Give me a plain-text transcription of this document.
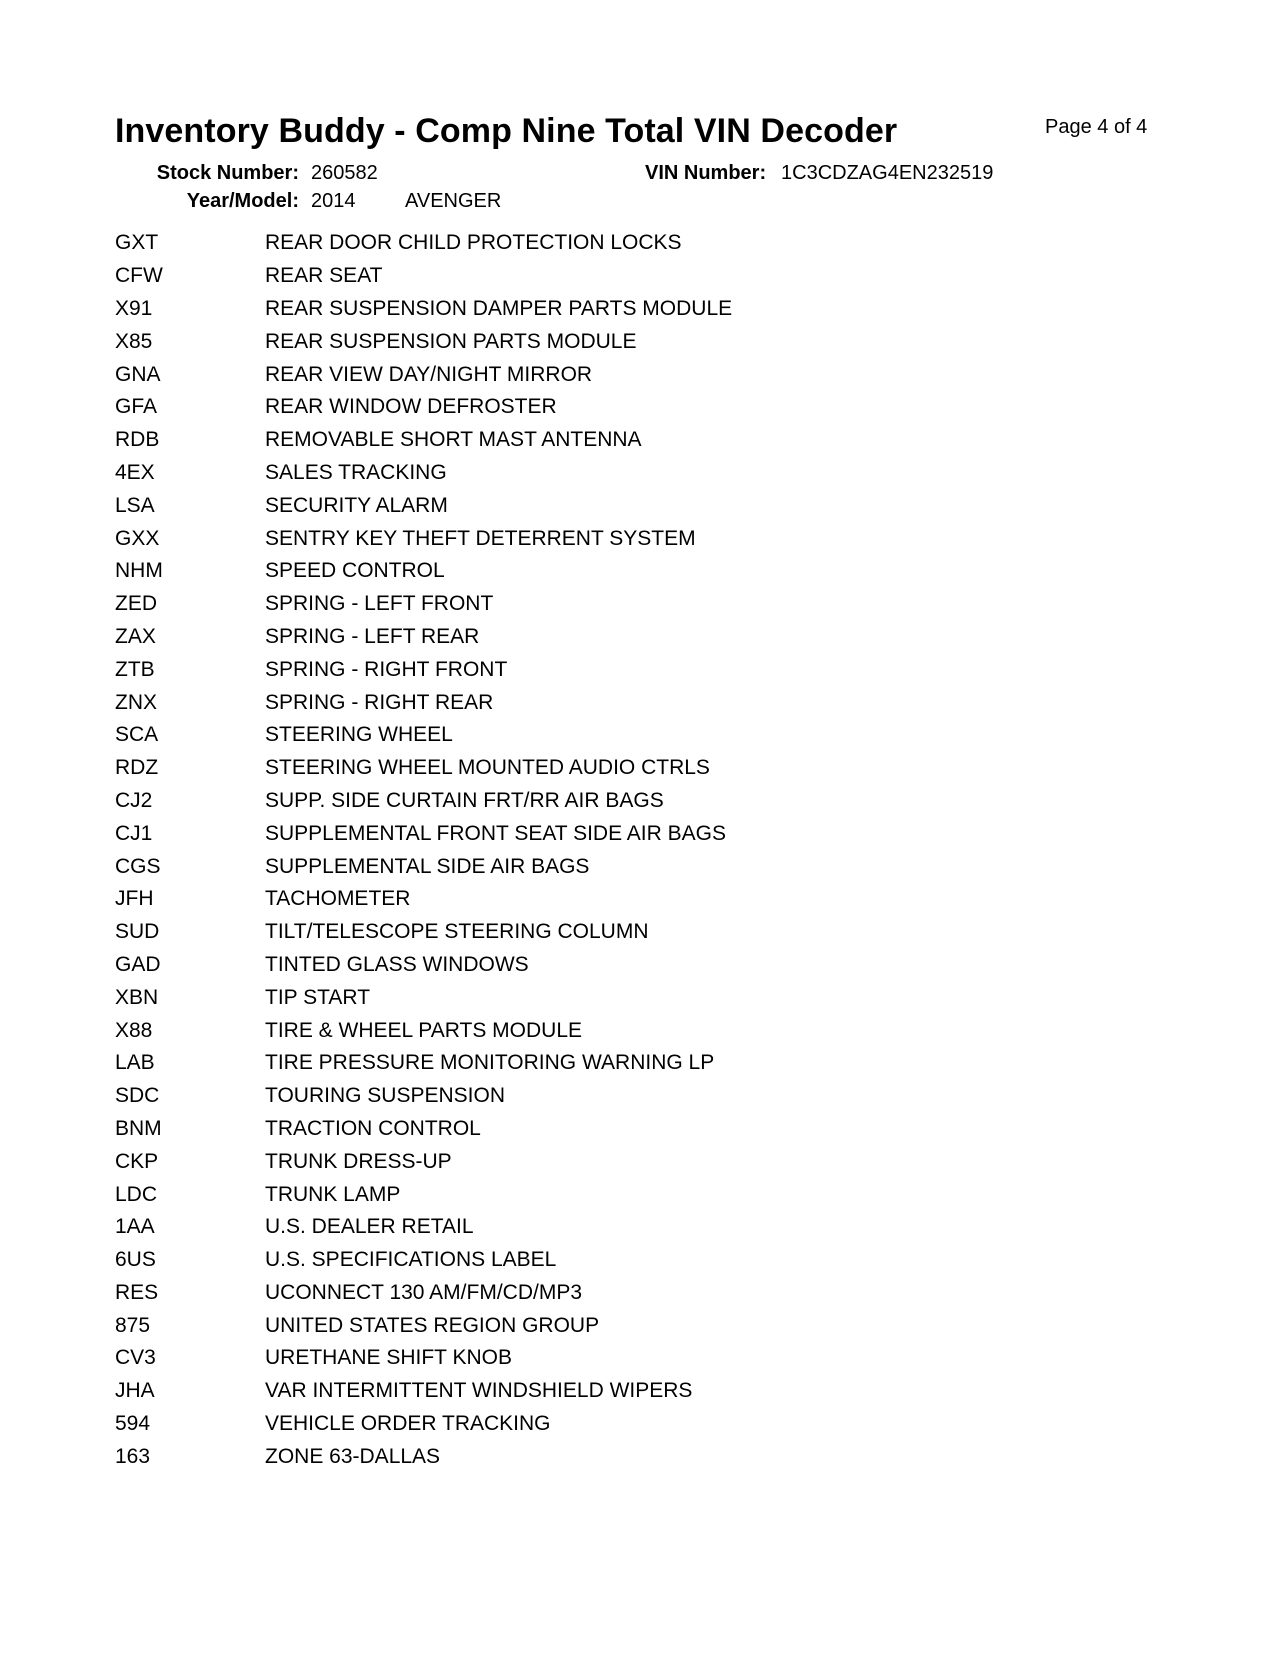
Inventory Buddy - Comp Nine Total VIN Decoder	Page 4 of 4
Stock Number: 260582	VIN Number: 1C3CDZAG4EN232519
Year/Model: 2014 AVENGER
GXT	REAR DOOR CHILD PROTECTION LOCKS
CFW	REAR SEAT
X91	REAR SUSPENSION DAMPER PARTS MODULE
X85	REAR SUSPENSION PARTS MODULE
GNA	REAR VIEW DAY/NIGHT MIRROR
GFA	REAR WINDOW DEFROSTER
RDB	REMOVABLE SHORT MAST ANTENNA
4EX	SALES TRACKING
LSA	SECURITY ALARM
GXX	SENTRY KEY THEFT DETERRENT SYSTEM
NHM	SPEED CONTROL
ZED	SPRING - LEFT FRONT
ZAX	SPRING - LEFT REAR
ZTB	SPRING - RIGHT FRONT
ZNX	SPRING - RIGHT REAR
SCA	STEERING WHEEL
RDZ	STEERING WHEEL MOUNTED AUDIO CTRLS
CJ2	SUPP. SIDE CURTAIN FRT/RR AIR BAGS
CJ1	SUPPLEMENTAL FRONT SEAT SIDE AIR BAGS
CGS	SUPPLEMENTAL SIDE AIR BAGS
JFH	TACHOMETER
SUD	TILT/TELESCOPE STEERING COLUMN
GAD	TINTED GLASS WINDOWS
XBN	TIP START
X88	TIRE & WHEEL PARTS MODULE
LAB	TIRE PRESSURE MONITORING WARNING LP
SDC	TOURING SUSPENSION
BNM	TRACTION CONTROL
CKP	TRUNK DRESS-UP
LDC	TRUNK LAMP
1AA	U.S. DEALER RETAIL
6US	U.S. SPECIFICATIONS LABEL
RES	UCONNECT 130 AM/FM/CD/MP3
875	UNITED STATES REGION GROUP
CV3	URETHANE SHIFT KNOB
JHA	VAR INTERMITTENT WINDSHIELD WIPERS
594	VEHICLE ORDER TRACKING
163	ZONE 63-DALLAS
